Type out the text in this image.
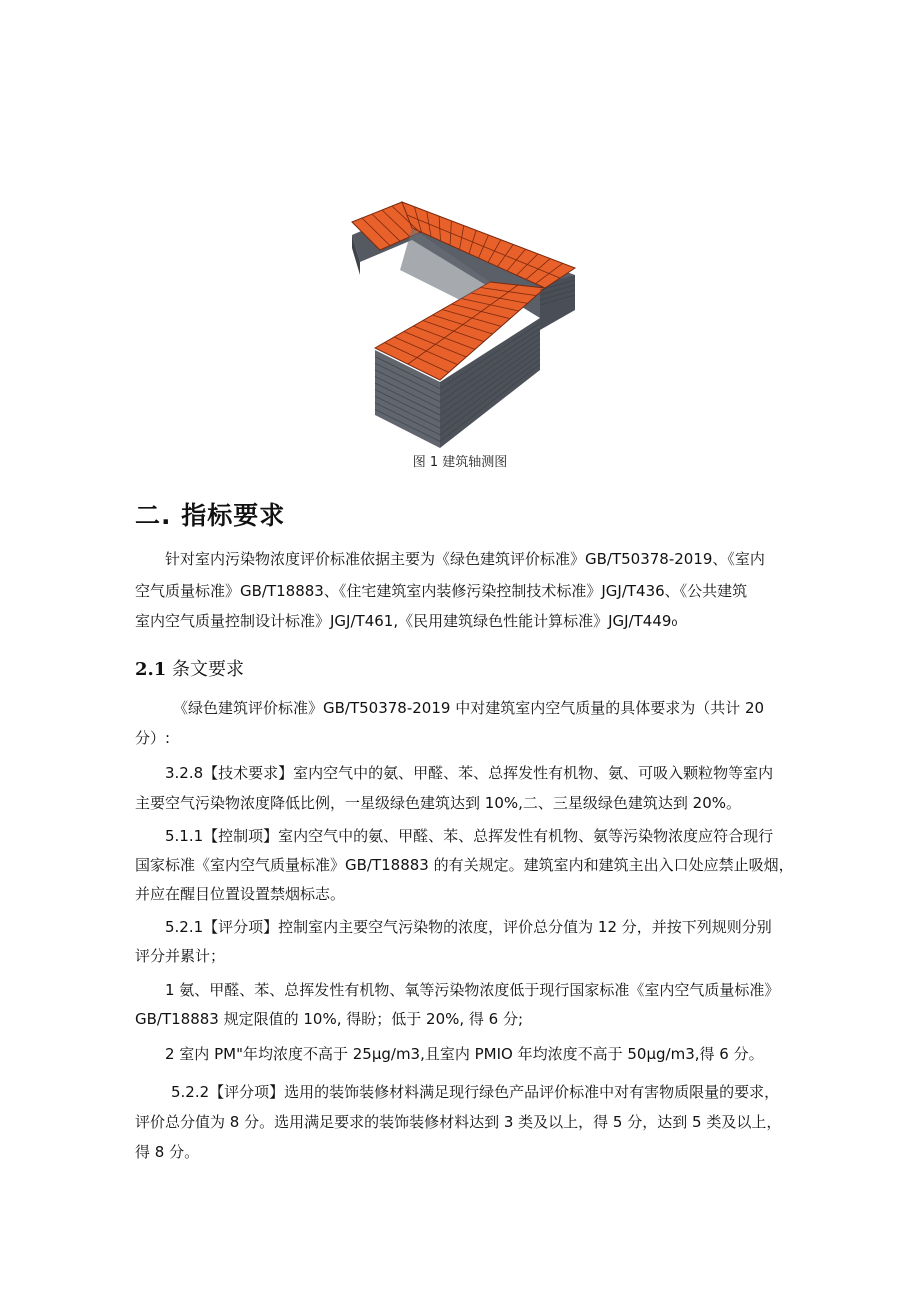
图 1 建筑轴测图
二. 指标要求

针对室内污染物浓度评价标准依据主要为《绿色建筑评价标准》GB/T50378-2019、《室内

空气质量标准》GB/T18883、《住宅建筑室内装修污染控制技术标准》JGJ/T436、《公共建筑

室内空气质量控制设计标准》JGJ/T461,《民用建筑绿色性能计算标准》JGJ/T449₀

2.1 条文要求

《绿色建筑评价标准》GB/T50378-2019 中对建筑室内空气质量的具体要求为（共计 20

分）:

3.2.8【技术要求】室内空气中的氨、甲醛、苯、总挥发性有机物、氨、可吸入颗粒物等室内

主要空气污染物浓度降低比例，一星级绿色建筑达到 10%,二、三星级绿色建筑达到 20%。

5.1.1【控制项】室内空气中的氨、甲醛、苯、总挥发性有机物、氨等污染物浓度应符合现行

国家标准《室内空气质量标准》GB/T18883 的有关规定。建筑室内和建筑主出入口处应禁止吸烟，

并应在醒目位置设置禁烟标志。

5.2.1【评分项】控制室内主要空气污染物的浓度，评价总分值为 12 分，并按下列规则分别

评分并累计；

1 氨、甲醛、苯、总挥发性有机物、氧等污染物浓度低于现行国家标准《室内空气质量标准》

GB/T18883 规定限值的 10%, 得盼；低于 20%, 得 6 分;

2 室内 PM"年均浓度不高于 25μg∕m3,且室内 PMIO 年均浓度不高于 50μg∕m3,得 6 分。

5.2.2【评分项】选用的装饰装修材料满足现行绿色产品评价标准中对有害物质限量的要求，

评价总分值为 8 分。选用满足要求的装饰装修材料达到 3 类及以上，得 5 分，达到 5 类及以上，

得 8 分。
